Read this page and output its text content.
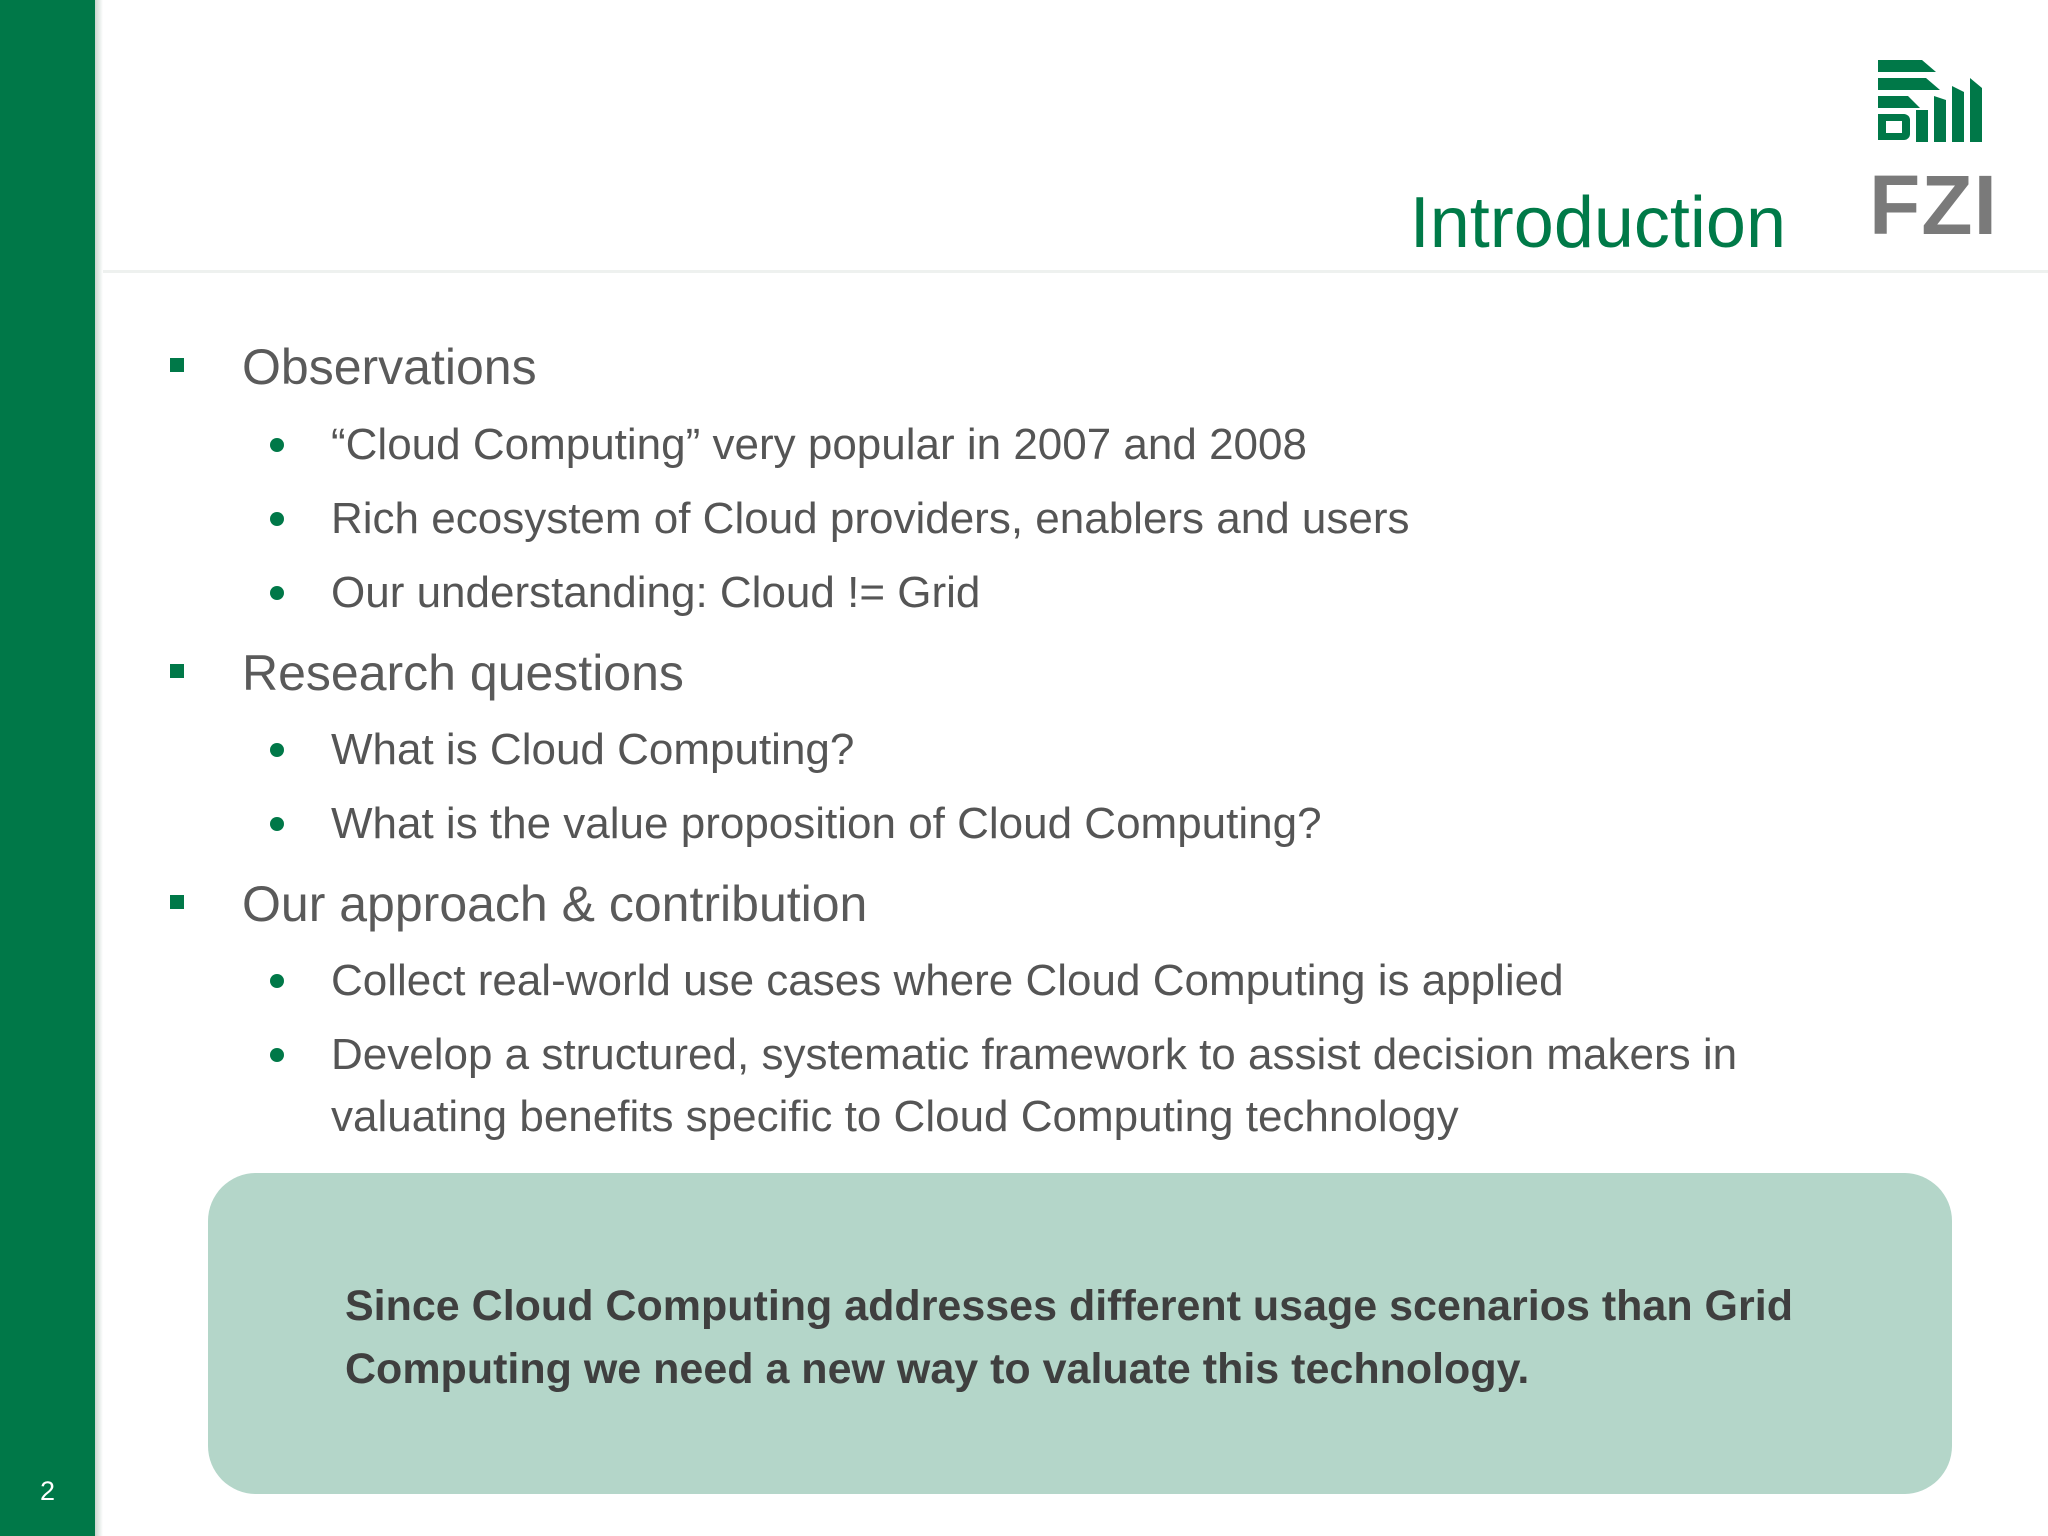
2
Introduction FZI
Observations
“Cloud Computing” very popular in 2007 and 2008
Rich ecosystem of Cloud providers, enablers and users
Our understanding: Cloud != Grid
Research questions
What is Cloud Computing?
What is the value proposition of Cloud Computing?
Our approach & contribution
Collect real-world use cases where Cloud Computing is applied
Develop a structured, systematic framework to assist decision makers in valuating benefits specific to Cloud Computing technology

Since Cloud Computing addresses different usage scenarios than Grid Computing we need a new way to valuate this technology.
